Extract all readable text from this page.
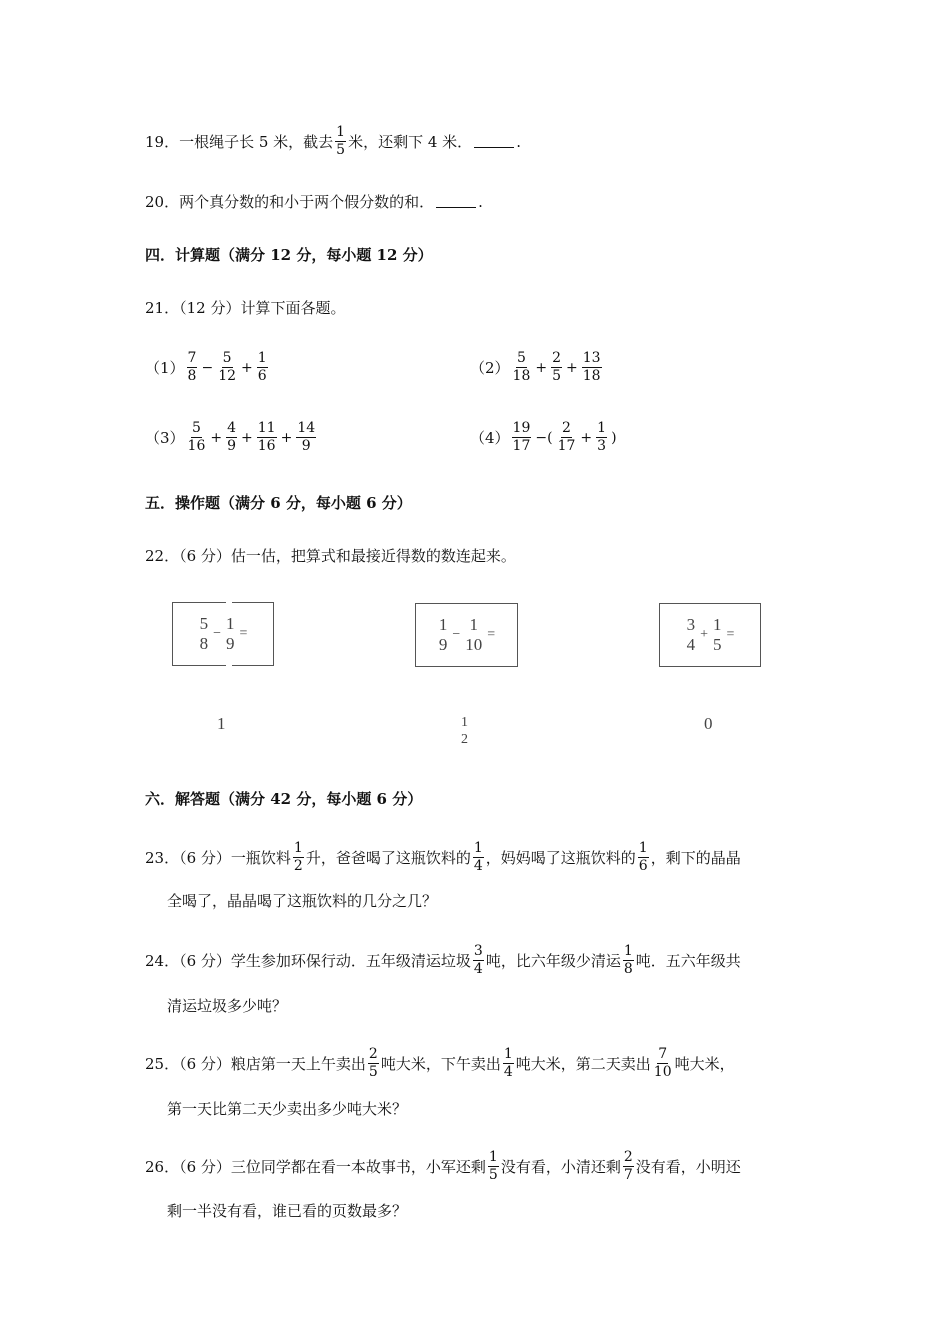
19．一根绳子长 5 米，截去 $\frac{1}{5}$ 米，还剩下 4 米．	.
20．两个真分数的和小于两个假分数的和．	.
四．计算题（满分 12 分，每小题 12 分）
21．（12 分）计算下面各题。
$(1) \frac{7}{8} - \frac{5}{12} + \frac{1}{6}$	$(2) \frac{5}{18} + \frac{2}{5} + \frac{13}{18}$
$(3) \frac{5}{16} + \frac{4}{9} + \frac{11}{16} + \frac{14}{9}$	$(4) \frac{19}{17}$ −( $\frac{2}{17} + \frac{1}{3}$ )
五．操作题（满分 6 分，每小题 6 分）
22．（6 分）估一估，把算式和最接近得数的数连起来。
5
8
−
1
9
=	1
9
−
1
10
=
3
4
+
1
5
=
1	1
2
0
六．解答题（满分 42 分，每小题 6 分）
23．（6 分）一瓶饮料 $\frac{1}{2}$ 升，爸爸喝了这瓶饮料的 $\frac{1}{4}$ ，妈妈喝了这瓶饮料的 $\frac{1}{6}$ ，剩下的晶晶
全喝了，晶晶喝了这瓶饮料的几分之几？
24．（6 分）学生参加环保行动．五年级清运垃圾 $\frac{3}{4}$ 吨，比六年级少清运 $\frac{1}{8}$ 吨．五六年级共
清运垃圾多少吨？
25．（6 分）粮店第一天上午卖出 $\frac{2}{5}$ 吨大米，下午卖出 $\frac{1}{4}$ 吨大米，第二天卖出 $\frac{7}{10}$ 吨大米，
第一天比第二天少卖出多少吨大米？
26．（6 分）三位同学都在看一本故事书，小军还剩 $\frac{1}{5}$ 没有看，小清还剩 $\frac{2}{7}$ 没有看，小明还
剩一半没有看，谁已看的页数最多？
